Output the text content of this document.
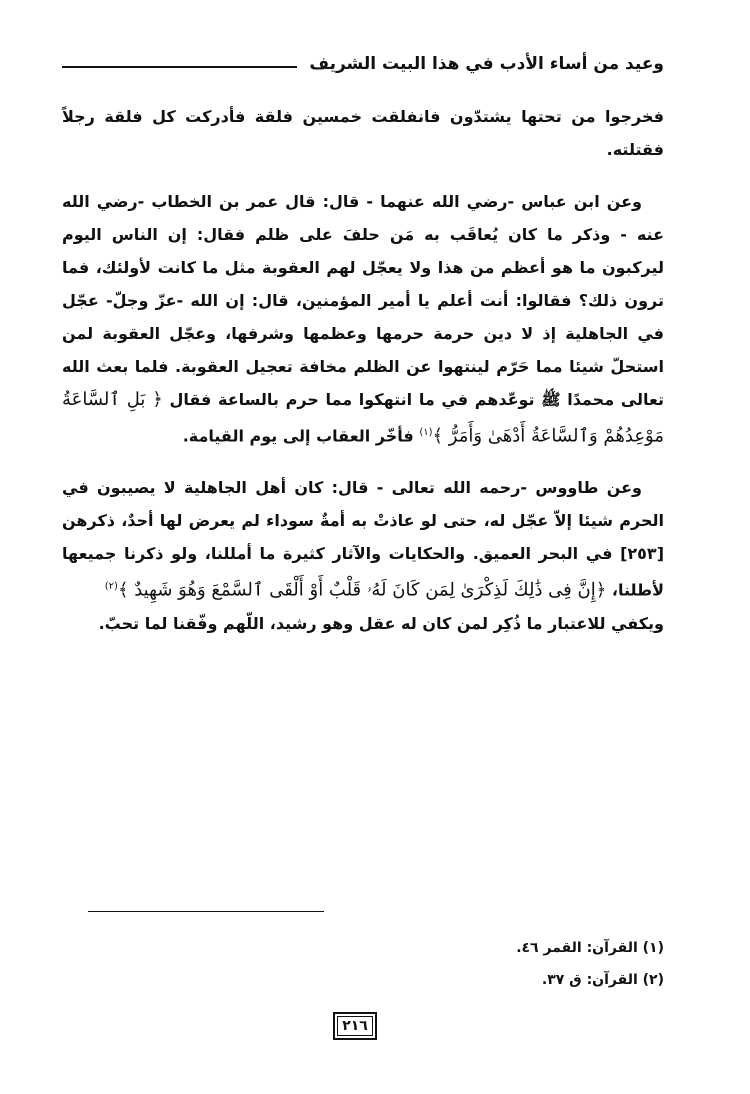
وعيد من أساء الأدب في هذا البيت الشريف

فخرجوا من تحتها يشتدّون فانفلقت خمسين فلقة فأدركت كل فلقة رجلاً فقتلته.

وعن ابن عباس -رضي الله عنهما - قال: قال عمر بن الخطاب -رضي الله عنه - وذكر ما كان يُعاقَب به مَن حلفَ على ظلم فقال: إن الناس اليوم ليركبون ما هو أعظم من هذا ولا يعجّل لهم العقوبة مثل ما كانت لأولئك، فما ترون ذلك؟ فقالوا: أنت أعلم يا أمير المؤمنين، قال: إن الله -عزّ وجلّ- عجّل في الجاهلية إذ لا دين حرمة حرمها وعظمها وشرفها، وعجّل العقوبة لمن استحلّ شيئا مما حَرّم لينتهوا عن الظلم مخافة تعجيل العقوبة. فلما بعث الله تعالى محمدًا ﷺ توعّدهم في ما انتهكوا مما حرم بالساعة فقال ﴿ بَلِ ٱلسَّاعَةُ مَوْعِدُهُمْ وَٱلسَّاعَةُ أَدْهَىٰ وَأَمَرُّ ﴾$^{(١)}$ فأخّر العقاب إلى يوم القيامة.

وعن طاووس -رحمه الله تعالى - قال: كان أهل الجاهلية لا يصيبون في الحرم شيئا إلاّ عجّل له، حتى لو عاذتْ به أمةٌ سوداء لم يعرض لها أحدٌ، ذكرهن [٢٥٣] في البحر العميق. والحكايات والآثار كثيرة ما أمللنا، ولو ذكرنا جميعها لأطلنا، ﴿إِنَّ فِى ذَٰلِكَ لَذِكْرَىٰ لِمَن كَانَ لَهُۥ قَلْبٌ أَوْ أَلْقَى ٱلسَّمْعَ وَهُوَ شَهِيدٌ ﴾$^{(٢)}$

ويكفي للاعتبار ما ذُكِر لمن كان له عقل وهو رشيد، اللّهم وفّقنا لما تحبّ.

(١) القرآن: القمر ٤٦.
(٢) القرآن: ق ٣٧.
٢١٦
